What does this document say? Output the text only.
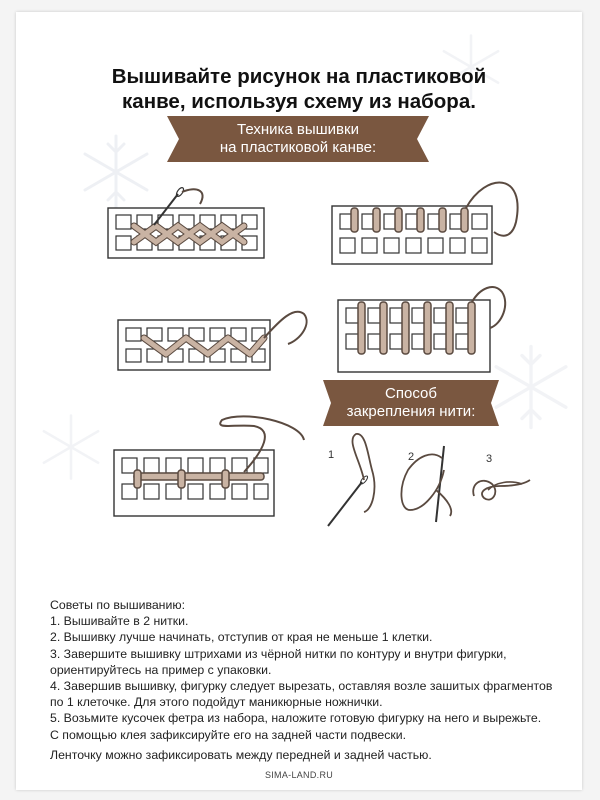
Вышивайте рисунок на пластиковой
канве, используя схему из набора.
Техника вышивки
на пластиковой канве:
Способ
закрепления нити:
1	2	3
Советы по вышиванию:
1. Вышивайте в 2 нитки.
2. Вышивку лучше начинать, отступив от края не меньше 1 клетки.
3. Завершите вышивку штрихами из чёрной нитки по контуру и внутри фигурки,
ориентируйтесь на пример с упаковки.
4. Завершив вышивку, фигурку следует вырезать, оставляя возле зашитых фрагментов
по 1 клеточке. Для этого подойдут маникюрные ножнички.
5. Возьмите кусочек фетра из набора, наложите готовую фигурку на него и вырежьте.
С помощью клея зафиксируйте его на задней части подвески.
Ленточку можно зафиксировать между передней и задней частью.
SIMA-LAND.RU
